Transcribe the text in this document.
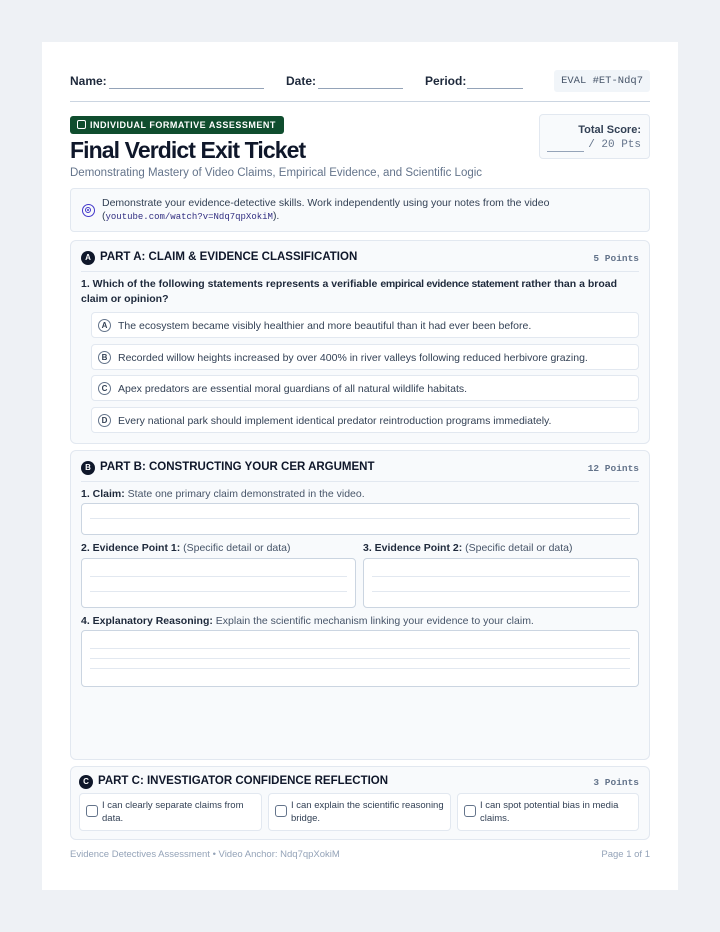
Name:	Date:	Period:	EVAL #ET-Ndq7
INDIVIDUAL FORMATIVE ASSESSMENT
Final Verdict Exit Ticket
Demonstrating Mastery of Video Claims, Empirical Evidence, and Scientific Logic
Total Score:
/ 20 Pts
Demonstrate your evidence-detective skills. Work independently using your notes from the video
(youtube.com/watch?v=Ndq7qpXokiM).
A PART A: CLAIM & EVIDENCE CLASSIFICATION	5 Points
1. Which of the following statements represents a verifiable empirical evidence statement rather than a broad claim or opinion?
A	The ecosystem became visibly healthier and more beautiful than it had ever been before.
B	Recorded willow heights increased by over 400% in river valleys following reduced herbivore grazing.
C	Apex predators are essential moral guardians of all natural wildlife habitats.
D	Every national park should implement identical predator reintroduction programs immediately.
B PART B: CONSTRUCTING YOUR CER ARGUMENT	12 Points
1. Claim: State one primary claim demonstrated in the video.
2. Evidence Point 1: (Specific detail or data)	3. Evidence Point 2: (Specific detail or data)
4. Explanatory Reasoning: Explain the scientific mechanism linking your evidence to your claim.
C PART C: INVESTIGATOR CONFIDENCE REFLECTION	3 Points
I can clearly separate claims from data.
I can explain the scientific reasoning bridge.
I can spot potential bias in media claims.
Evidence Detectives Assessment • Video Anchor: Ndq7qpXokiM	Page 1 of 1
